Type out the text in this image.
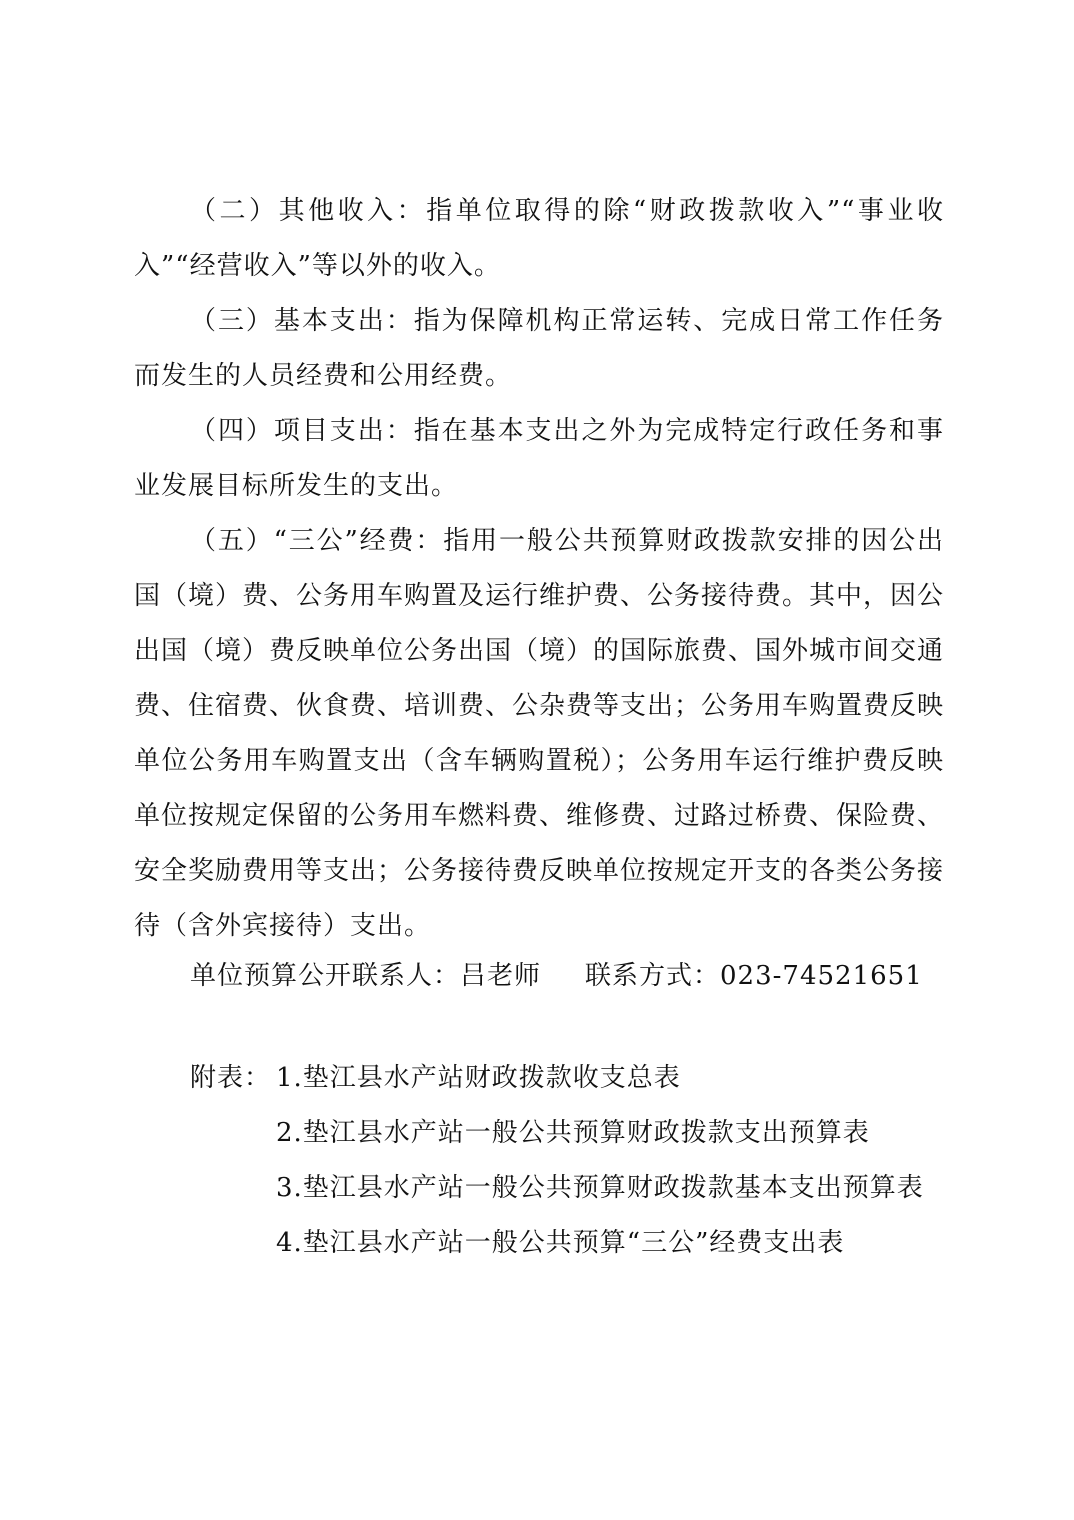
（二）其他收入：指单位取得的除“财政拨款收入”“事业收入”“经营收入”等以外的收入。

（三）基本支出：指为保障机构正常运转、完成日常工作任务而发生的人员经费和公用经费。

（四）项目支出：指在基本支出之外为完成特定行政任务和事业发展目标所发生的支出。

（五）“三公”经费：指用一般公共预算财政拨款安排的因公出国（境）费、公务用车购置及运行维护费、公务接待费。其中，因公出国（境）费反映单位公务出国（境）的国际旅费、国外城市间交通费、住宿费、伙食费、培训费、公杂费等支出；公务用车购置费反映单位公务用车购置支出（含车辆购置税）；公务用车运行维护费反映单位按规定保留的公务用车燃料费、维修费、过路过桥费、保险费、安全奖励费用等支出；公务接待费反映单位按规定开支的各类公务接待（含外宾接待）支出。

单位预算公开联系人：吕老师 联系方式：023-74521651
附表： 1.垫江县水产站财政拨款收支总表
2.垫江县水产站一般公共预算财政拨款支出预算表
3.垫江县水产站一般公共预算财政拨款基本支出预算表
4.垫江县水产站一般公共预算“三公”经费支出表
